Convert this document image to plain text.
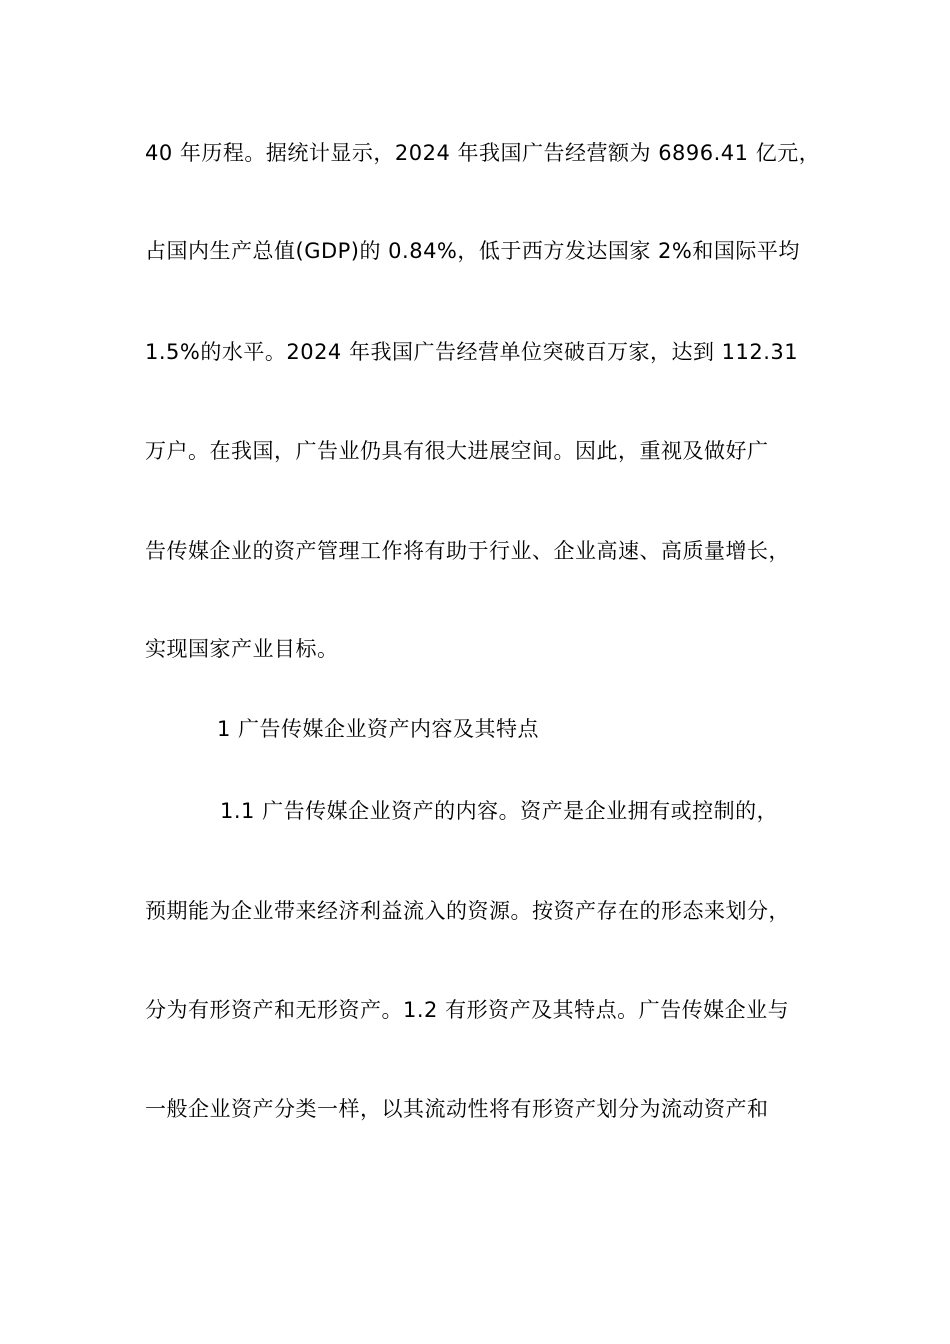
40 年历程。据统计显示，2024 年我国广告经营额为 6896.41 亿元，
占国内生产总值(GDP)的 0.84%，低于西方发达国家 2%和国际平均
1.5%的水平。2024 年我国广告经营单位突破百万家，达到 112.31
万户。在我国，广告业仍具有很大进展空间。因此，重视及做好广
告传媒企业的资产管理工作将有助于行业、企业高速、高质量增长，
实现国家产业目标。
1 广告传媒企业资产内容及其特点
1.1 广告传媒企业资产的内容。资产是企业拥有或控制的，
预期能为企业带来经济利益流入的资源。按资产存在的形态来划分，
分为有形资产和无形资产。1.2 有形资产及其特点。广告传媒企业与
一般企业资产分类一样，以其流动性将有形资产划分为流动资产和
